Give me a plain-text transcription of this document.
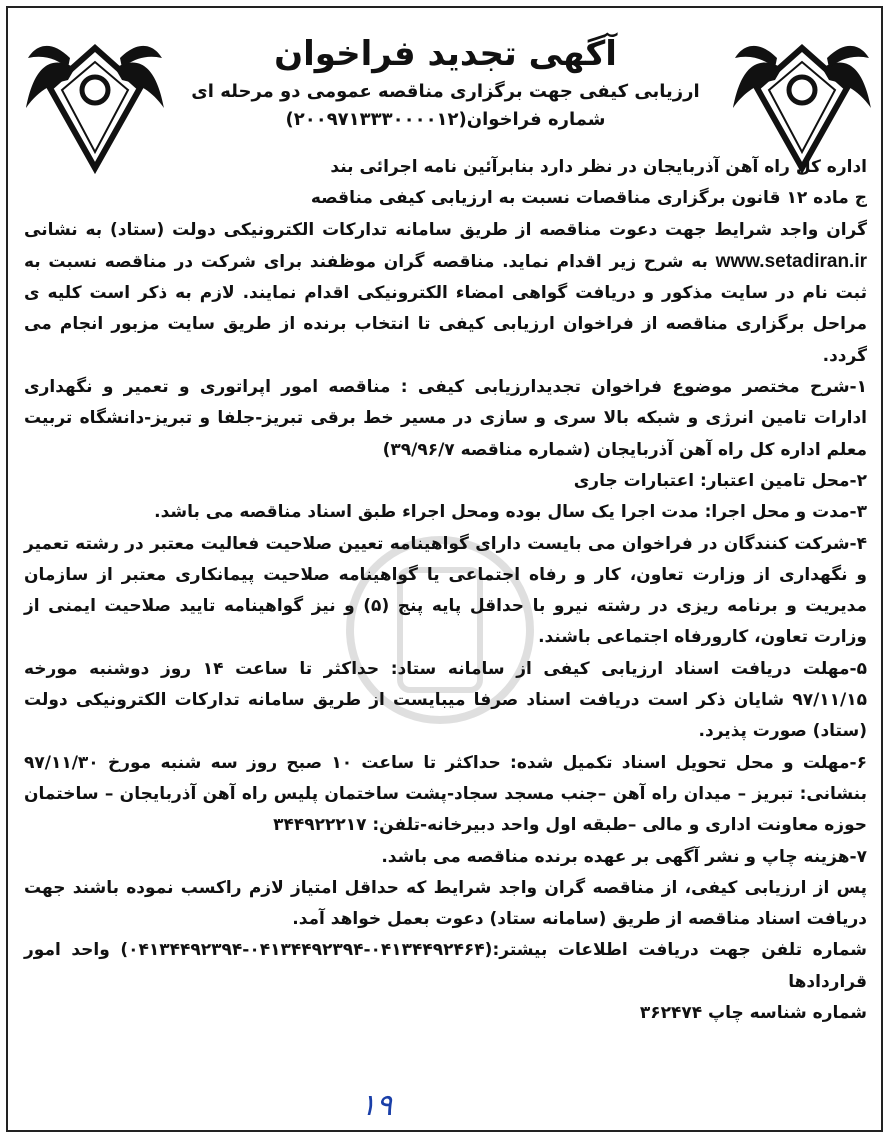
آگهی تجدید فراخوان
ارزیابی کیفی جهت برگزاری مناقصه عمومی دو مرحله ای
شماره فراخوان(۲۰۰۹۷۱۳۳۳۰۰۰۰۱۲)

اداره کل راه آهن آذربایجان در نظر دارد بنابرآئین نامه اجرائی بند

ج ماده ۱۲ قانون برگزاری مناقصات نسبت به ارزیابی کیفی مناقصه

گران واجد شرایط جهت دعوت مناقصه از طریق سامانه تدارکات الکترونیکی دولت (ستاد) به نشانی www.setadiran.ir به شرح زیر اقدام نماید. مناقصه گران موظفند برای شرکت در مناقصه نسبت به ثبت نام در سایت مذکور و دریافت گواهی امضاء الکترونیکی اقدام نمایند. لازم به ذکر است کلیه ی مراحل برگزاری مناقصه از فراخوان ارزیابی کیفی تا انتخاب برنده از طریق سایت مزبور انجام می گردد.

۱-شرح مختصر موضوع فراخوان تجدیدارزیابی کیفی : مناقصه امور اپراتوری و تعمیر و نگهداری ادارات تامین انرژی و شبکه بالا سری و سازی در مسیر خط برقی تبریز-جلفا و تبریز-دانشگاه تربیت معلم اداره کل راه آهن آذربایجان (شماره مناقصه ۳۹/۹۶/۷)

۲-محل تامین اعتبار: اعتبارات جاری

۳-مدت و محل اجرا: مدت اجرا یک سال بوده ومحل اجراء طبق اسناد مناقصه می باشد.

۴-شرکت کنندگان در فراخوان می بایست دارای گواهینامه تعیین صلاحیت فعالیت معتبر در رشته تعمیر و نگهداری از وزارت تعاون، کار و رفاه اجتماعی یا گواهینامه صلاحیت پیمانکاری معتبر از سازمان مدیریت و برنامه ریزی در رشته نیرو با حداقل پایه پنج (۵) و نیز گواهینامه تایید صلاحیت ایمنی از وزارت تعاون، کارورفاه اجتماعی باشند.

۵-مهلت دریافت اسناد ارزیابی کیفی از سامانه ستاد: حداکثر تا ساعت ۱۴ روز دوشنبه مورخه ۹۷/۱۱/۱۵ شایان ذکر است دریافت اسناد صرفا میبایست از طریق سامانه تدارکات الکترونیکی دولت (ستاد) صورت پذیرد.

۶-مهلت و محل تحویل اسناد تکمیل شده: حداکثر تا ساعت ۱۰ صبح روز سه شنبه مورخ ۹۷/۱۱/۳۰ بنشانی: تبریز – میدان راه آهن –جنب مسجد سجاد-پشت ساختمان پلیس راه آهن آذربایجان – ساختمان حوزه معاونت اداری و مالی –طبقه اول واحد دبیرخانه-تلفن: ۳۴۴۹۲۲۲۱۷

۷-هزینه چاپ و نشر آگهی بر عهده برنده مناقصه می باشد.

پس از ارزیابی کیفی، از مناقصه گران واجد شرایط که حداقل امتیاز لازم راکسب نموده باشند جهت دریافت اسناد مناقصه از طریق (سامانه ستاد) دعوت بعمل خواهد آمد.

شماره تلفن جهت دریافت اطلاعات بیشتر:(۰۴۱۳۴۴۹۲۴۶۴-۰۴۱۳۴۴۹۲۳۹۴-۰۴۱۳۴۴۹۲۳۹۴) واحد امور قراردادها

شماره شناسه چاپ ۳۶۲۴۷۴

۱۹
